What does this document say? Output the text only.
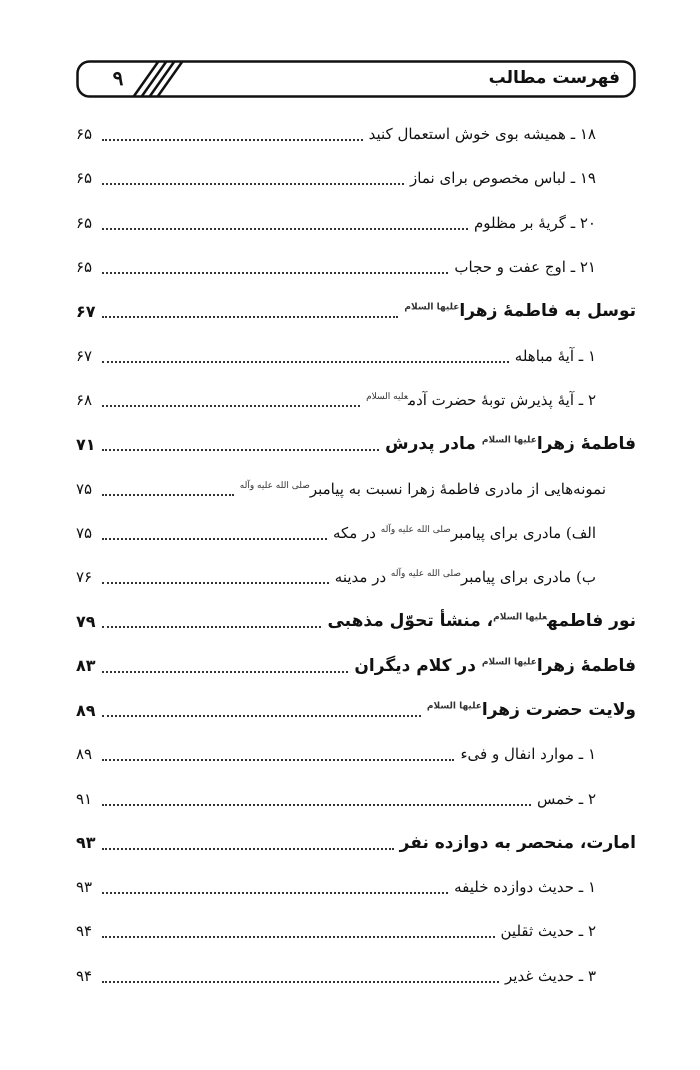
۹	فهرست مطالب
۱۸ ـ همیشه بوی خوش استعمال کنید
۶۵
۱۹ ـ لباس مخصوص برای نماز
۶۵
۲۰ ـ گریهٔ بر مظلوم
۶۵
۲۱ ـ اوج عفت و حجاب
۶۵
توسل به فاطمهٔ زهرا$^{عليها السلام}$
۶۷
۱ ـ آیهٔ مباهله
۶۷
۲ ـ آیهٔ پذیرش توبهٔ حضرت آدم$^{عليه السلام}$
۶۸
فاطمهٔ زهرا$^{عليها السلام}$ مادر پدرش
۷۱
نمونه‌هایی از مادری فاطمهٔ زهرا نسبت به پیامبر$^{صلى الله عليه وآله}$
۷۵
الف) مادری برای پیامبر$^{صلى الله عليه وآله}$ در مکه
۷۵
ب) مادری برای پیامبر$^{صلى الله عليه وآله}$ در مدینه
۷۶
نور فاطمه$^{عليها السلام}$، منشأ تحوّل مذهبی
۷۹
فاطمهٔ زهرا$^{عليها السلام}$ در کلام دیگران
۸۳
ولایت حضرت زهرا$^{عليها السلام}$
۸۹
۱ ـ موارد انفال و فیء
۸۹
۲ ـ خمس
۹۱
امارت، منحصر به دوازده نفر
۹۳
۱ ـ حدیث دوازده خلیفه
۹۳
۲ ـ حدیث ثقلین
۹۴
۳ ـ حدیث غدیر
۹۴
